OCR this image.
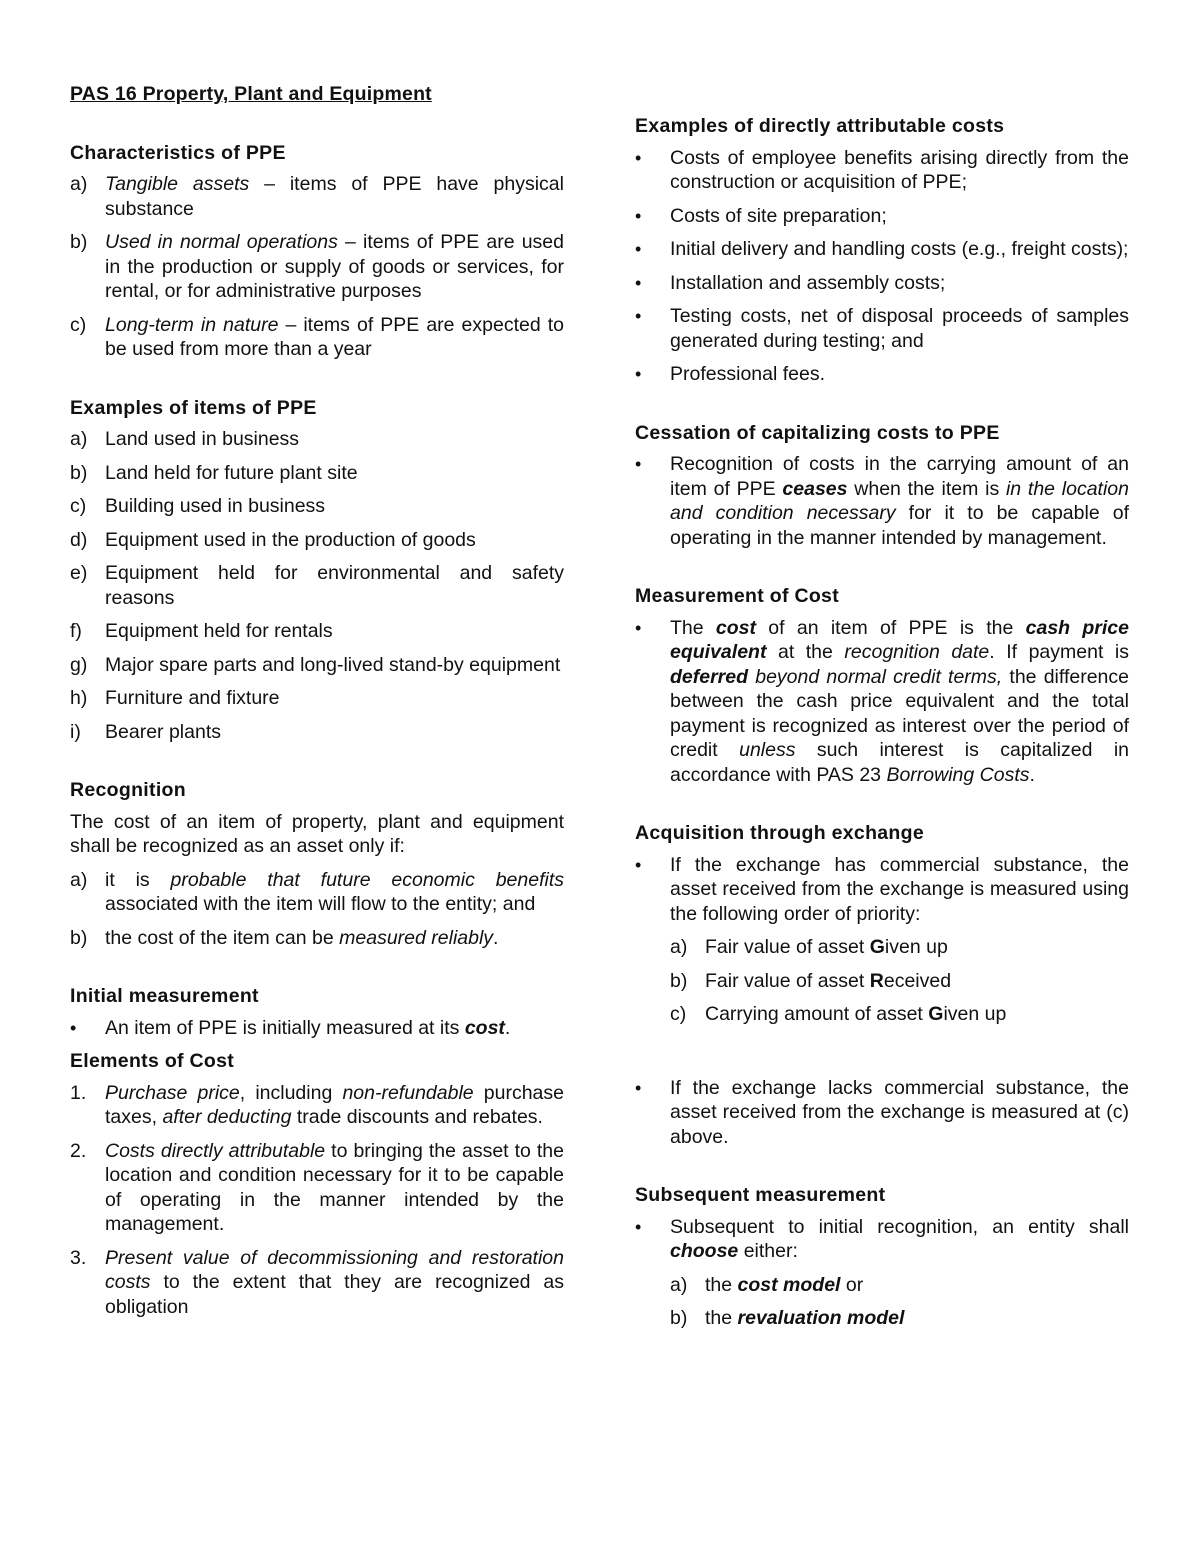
PAS 16 Property, Plant and Equipment
Characteristics of PPE
a) Tangible assets – items of PPE have physical substance
b) Used in normal operations – items of PPE are used in the production or supply of goods or services, for rental, or for administrative purposes
c) Long-term in nature – items of PPE are expected to be used from more than a year
Examples of items of PPE
a) Land used in business
b) Land held for future plant site
c) Building used in business
d) Equipment used in the production of goods
e) Equipment held for environmental and safety reasons
f)	Equipment held for rentals
g) Major spare parts and long-lived stand-by equipment
h) Furniture and fixture
i)	Bearer plants
Recognition
The cost of an item of property, plant and equipment shall be recognized as an asset only if:
a) it is probable that future economic benefits associated with the item will flow to the entity; and
b) the cost of the item can be measured reliably.
Initial measurement
•	An item of PPE is initially measured at its cost.
Elements of Cost
1. Purchase price, including non-refundable purchase taxes, after deducting trade discounts and rebates.
2. Costs directly attributable to bringing the asset to the location and condition necessary for it to be capable of operating in the manner intended by the management.
3. Present value of decommissioning and restoration costs to the extent that they are recognized as obligation
Examples of directly attributable costs
•	Costs of employee benefits arising directly from the construction or acquisition of PPE;
•	Costs of site preparation;
•	Initial delivery and handling costs (e.g., freight costs);
•	Installation and assembly costs;
•	Testing costs, net of disposal proceeds of samples generated during testing; and
•	Professional fees.
Cessation of capitalizing costs to PPE
•	Recognition of costs in the carrying amount of an item of PPE ceases when the item is in the location and condition necessary for it to be capable of operating in the manner intended by management.
Measurement of Cost
•	The cost of an item of PPE is the cash price equivalent at the recognition date. If payment is deferred beyond normal credit terms, the difference between the cash price equivalent and the total payment is recognized as interest over the period of credit unless such interest is capitalized in accordance with PAS 23 Borrowing Costs.
Acquisition through exchange
•	If the exchange has commercial substance, the asset received from the exchange is measured using the following order of priority:
a) Fair value of asset Given up
b) Fair value of asset Received
c) Carrying amount of asset Given up
•	If the exchange lacks commercial substance, the asset received from the exchange is measured at (c) above.
Subsequent measurement
•	Subsequent to initial recognition, an entity shall choose either:
a) the cost model or
b) the revaluation model
